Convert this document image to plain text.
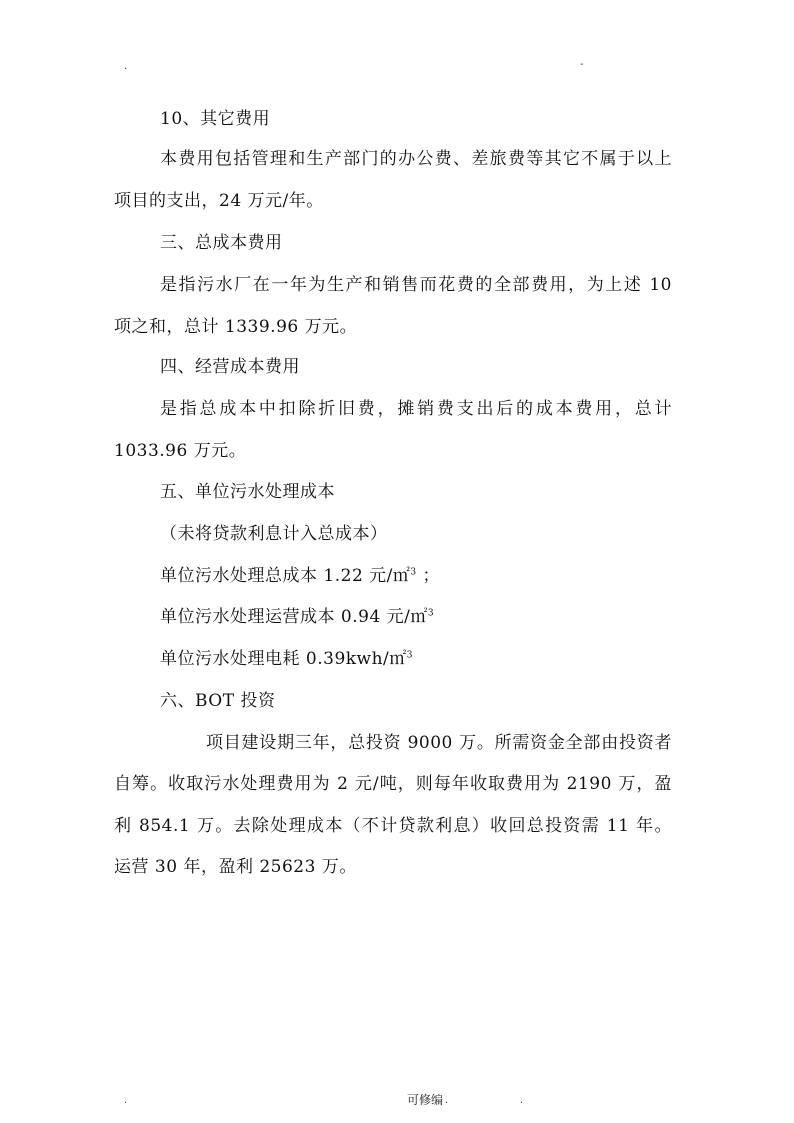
.	-
10、其它费用
本费用包括管理和生产部门的办公费、差旅费等其它不属于以上
项目的支出，24 万元/年。
三、总成本费用
是指污水厂在一年为生产和销售而花费的全部费用，为上述 10
项之和，总计 1339.96 万元。
四、经营成本费用
是指总成本中扣除折旧费，摊销费支出后的成本费用，总计
1033.96 万元。
五、单位污水处理成本
（未将贷款利息计入总成本）
单位污水处理总成本 1.22 元/㎡$^3$ ；
单位污水处理运营成本 0.94 元/㎡$^3$
单位污水处理电耗 0.39kwh/㎡$^3$
六、BOT 投资
项目建设期三年，总投资 9000 万。所需资金全部由投资者
自筹。收取污水处理费用为 2 元/吨，则每年收取费用为 2190 万，盈
利 854.1 万。去除处理成本（不计贷款利息）收回总投资需 11 年。
运营 30 年，盈利 25623 万。
.	可修编 .	.
